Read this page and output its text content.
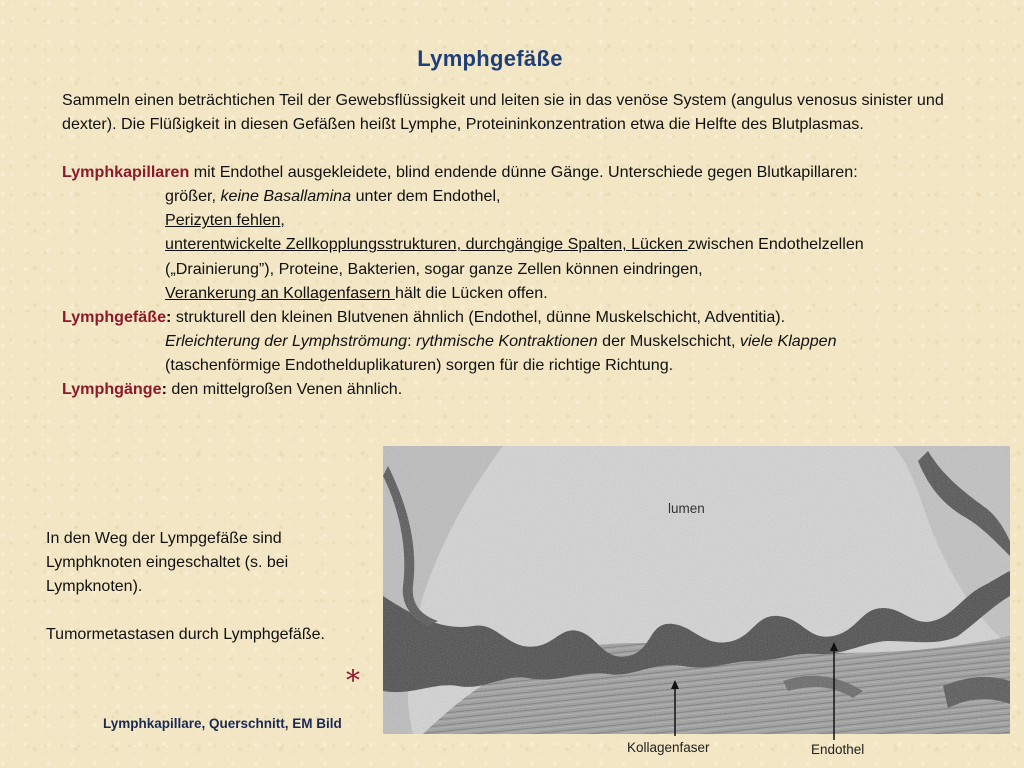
Lymphgefäße

Sammeln einen beträchtichen Teil der Gewebsflüssigkeit und leiten sie in das venöse System (angulus venosus sinister und dexter). Die Flüßigkeit in diesen Gefäßen heißt Lymphe, Proteininkonzentration etwa die Helfte des Blutplasmas.

Lymphkapillaren mit Endothel ausgekleidete, blind endende dünne Gänge. Unterschiede gegen Blutkapillaren:

größer, keine Basallamina unter dem Endothel,

Perizyten fehlen,

unterentwickelte Zellkopplungsstrukturen, durchgängige Spalten, Lücken zwischen Endothelzellen

(„Drainierung”), Proteine, Bakterien, sogar ganze Zellen können eindringen,

Verankerung an Kollagenfasern hält die Lücken offen.

Lymphgefäße: strukturell den kleinen Blutvenen ähnlich (Endothel, dünne Muskelschicht, Adventitia).

Erleichterung der Lymphströmung: rythmische Kontraktionen der Muskelschicht, viele Klappen

(taschenförmige Endothelduplikaturen) sorgen für die richtige Richtung.

Lymphgänge: den mittelgroßen Venen ähnlich.

In den Weg der Lympgefäße sind Lymphknoten eingeschaltet (s. bei Lympknoten).

Tumormetastasen durch Lymphgefäße.

*
Lymphkapillare, Querschnitt, EM Bild
lumen
Kollagenfaser	Endothel
